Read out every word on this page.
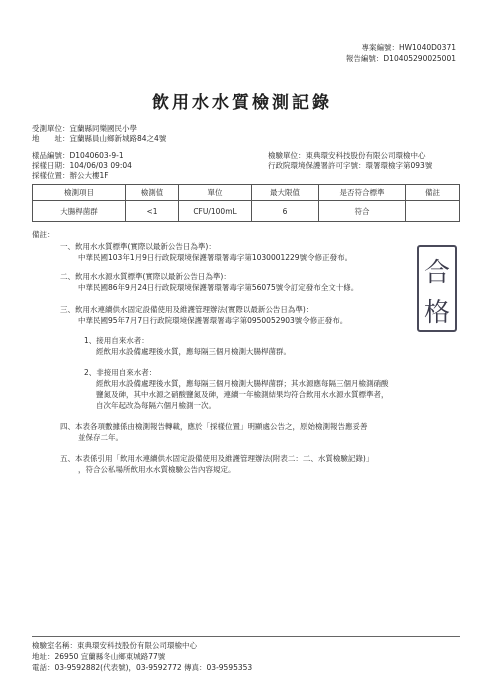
專案編號：HW1040D0371
報告編號：D10405290025001
飲用水水質檢測記錄
受測單位：宜蘭縣同樂國民小學
地　　址：宜蘭縣員山鄉新城路84之4號
樣品編號：D1040603-9-1
採樣日期：104/06/03 09:04
採樣位置：辦公大樓1F
檢驗單位：東典環安科技股份有限公司環檢中心
行政院環境保護署許可字號：環署環檢字第093號
檢測項目	檢測值	單位	最大限值	是否符合標準	備註
大腸桿菌群	<1	CFU/100mL	6	符合	
備註：
一、飲用水水質標準(實際以最新公告日為準)：
中華民國103年1月9日行政院環境保護署環署毒字第1030001229號令修正發布。
二、飲用水水源水質標準(實際以最新公告日為準)：
中華民國86年9月24日行政院環境保護署環署毒字第56075號令訂定發布全文十條。
三、飲用水連續供水固定設備使用及維護管理辦法(實際以最新公告日為準)：
中華民國95年7月7日行政院環境保護署環署毒字第0950052903號令修正發布。
1、接用自來水者：
經飲用水設備處理後水質，應每隔三個月檢測大腸桿菌群。
2、非接用自來水者：
經飲用水設備處理後水質，應每隔三個月檢測大腸桿菌群；其水源應每隔三個月檢測硝酸
鹽氮及砷，其中水源之硝酸鹽氮及砷，連續一年檢測結果均符合飲用水水源水質標準者，
自次年起改為每隔六個月檢測一次。
四、本表各項數據係由檢測報告轉載，應於「採樣位置」明顯處公告之，原始檢測報告應妥善
並保存二年。
五、本表係引用「飲用水連續供水固定設備使用及維護管理辦法(附表二：二、水質檢驗記錄)」
，符合公私場所飲用水水質檢驗公告內容規定。
合
格
檢驗室名稱：東典環安科技股份有限公司環檢中心
地址：26950 宜蘭縣冬山鄉東城路77號
電話：03-9592882(代表號)，03-9592772 傳真：03-9595353
